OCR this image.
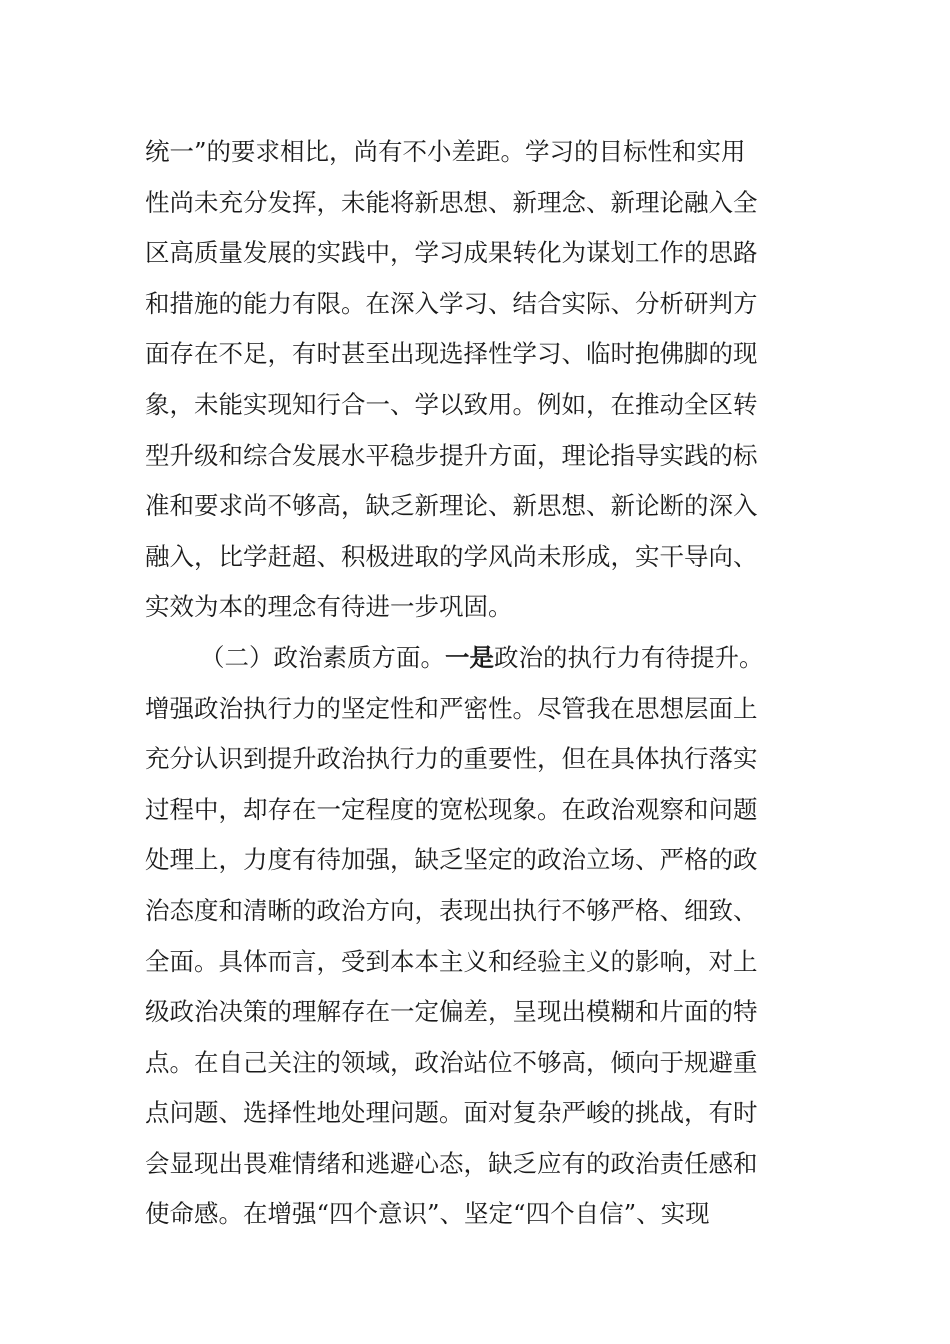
统一”的要求相比，尚有不小差距。学习的目标性和实用
性尚未充分发挥，未能将新思想、新理念、新理论融入全
区高质量发展的实践中，学习成果转化为谋划工作的思路
和措施的能力有限。在深入学习、结合实际、分析研判方
面存在不足，有时甚至出现选择性学习、临时抱佛脚的现
象，未能实现知行合一、学以致用。例如，在推动全区转
型升级和综合发展水平稳步提升方面，理论指导实践的标
准和要求尚不够高，缺乏新理论、新思想、新论断的深入
融入，比学赶超、积极进取的学风尚未形成，实干导向、
实效为本的理念有待进一步巩固。
（二）政治素质方面。一是政治的执行力有待提升。
增强政治执行力的坚定性和严密性。尽管我在思想层面上
充分认识到提升政治执行力的重要性，但在具体执行落实
过程中，却存在一定程度的宽松现象。在政治观察和问题
处理上，力度有待加强，缺乏坚定的政治立场、严格的政
治态度和清晰的政治方向，表现出执行不够严格、细致、
全面。具体而言，受到本本主义和经验主义的影响，对上
级政治决策的理解存在一定偏差，呈现出模糊和片面的特
点。在自己关注的领域，政治站位不够高，倾向于规避重
点问题、选择性地处理问题。面对复杂严峻的挑战，有时
会显现出畏难情绪和逃避心态，缺乏应有的政治责任感和
使命感。在增强“四个意识”、坚定“四个自信”、实现
